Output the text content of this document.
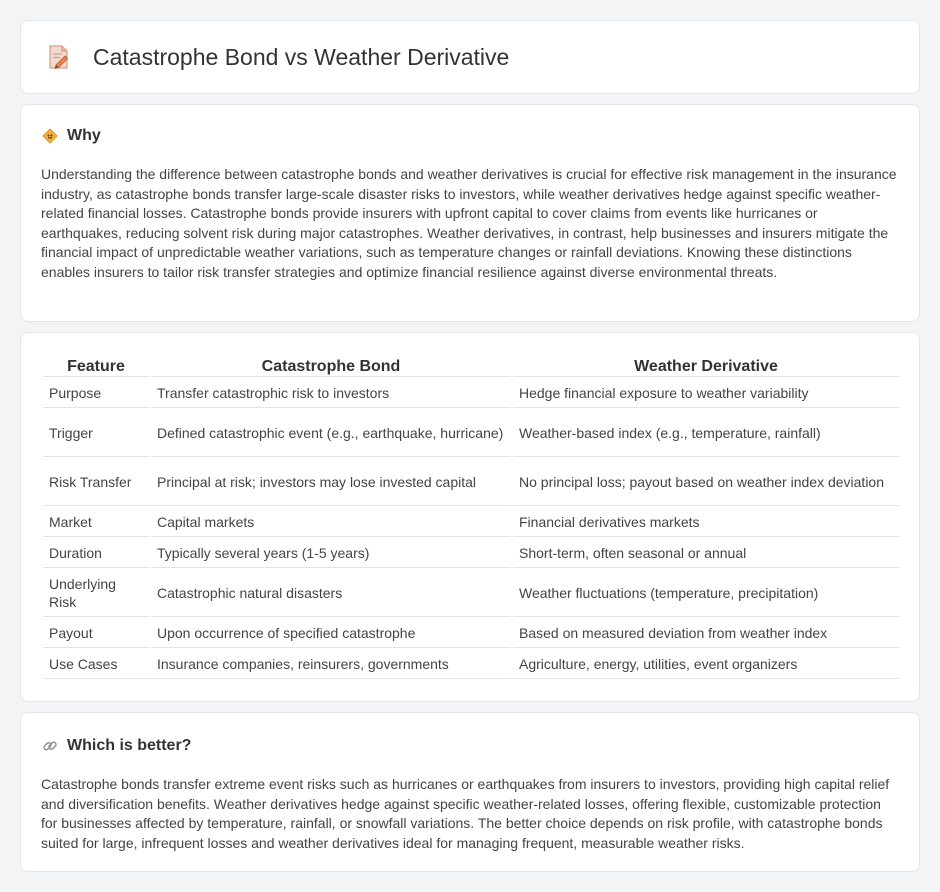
Catastrophe Bond vs Weather Derivative
Why

Understanding the difference between catastrophe bonds and weather derivatives is crucial for effective risk management in the insurance industry, as catastrophe bonds transfer large-scale disaster risks to investors, while weather derivatives hedge against specific weather-related financial losses. Catastrophe bonds provide insurers with upfront capital to cover claims from events like hurricanes or earthquakes, reducing solvent risk during major catastrophes. Weather derivatives, in contrast, help businesses and insurers mitigate the financial impact of unpredictable weather variations, such as temperature changes or rainfall deviations. Knowing these distinctions enables insurers to tailor risk transfer strategies and optimize financial resilience against diverse environmental threats.

Feature	Catastrophe Bond	Weather Derivative
Purpose	Transfer catastrophic risk to investors	Hedge financial exposure to weather variability
Trigger	Defined catastrophic event (e.g., earthquake, hurricane)	Weather-based index (e.g., temperature, rainfall)
Risk Transfer	Principal at risk; investors may lose invested capital	No principal loss; payout based on weather index deviation
Market	Capital markets	Financial derivatives markets
Duration	Typically several years (1-5 years)	Short-term, often seasonal or annual
Underlying Risk	Catastrophic natural disasters	Weather fluctuations (temperature, precipitation)
Payout	Upon occurrence of specified catastrophe	Based on measured deviation from weather index
Use Cases	Insurance companies, reinsurers, governments	Agriculture, energy, utilities, event organizers
Which is better?

Catastrophe bonds transfer extreme event risks such as hurricanes or earthquakes from insurers to investors, providing high capital relief and diversification benefits. Weather derivatives hedge against specific weather-related losses, offering flexible, customizable protection for businesses affected by temperature, rainfall, or snowfall variations. The better choice depends on risk profile, with catastrophe bonds suited for large, infrequent losses and weather derivatives ideal for managing frequent, measurable weather risks.
